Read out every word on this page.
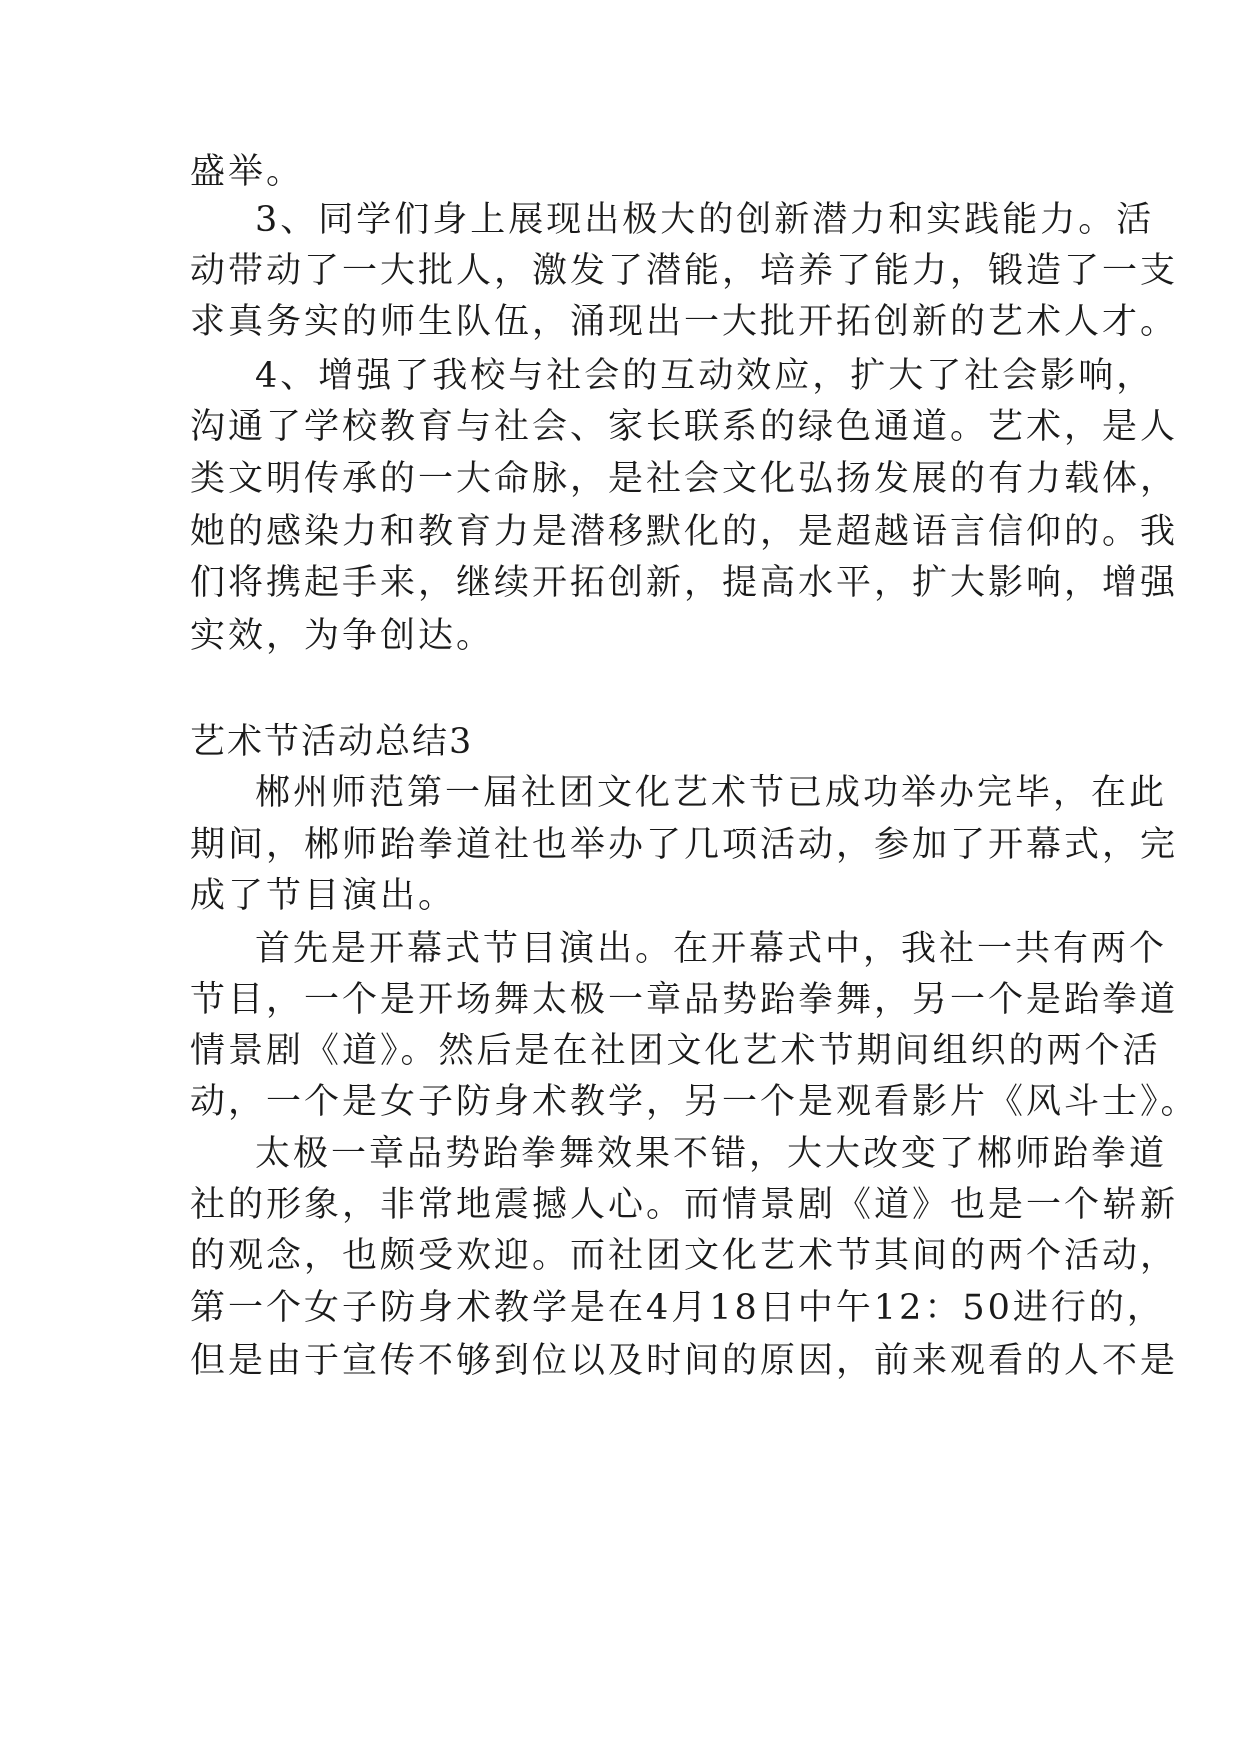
盛举。
3、同学们身上展现出极大的创新潜力和实践能力。活
动带动了一大批人，激发了潜能，培养了能力，锻造了一支
求真务实的师生队伍，涌现出一大批开拓创新的艺术人才。
4、增强了我校与社会的互动效应，扩大了社会影响，
沟通了学校教育与社会、家长联系的绿色通道。艺术，是人
类文明传承的一大命脉，是社会文化弘扬发展的有力载体，
她的感染力和教育力是潜移默化的，是超越语言信仰的。我
们将携起手来，继续开拓创新，提高水平，扩大影响，增强
实效，为争创达。
艺术节活动总结3
郴州师范第一届社团文化艺术节已成功举办完毕，在此
期间，郴师跆拳道社也举办了几项活动，参加了开幕式，完
成了节目演出。
首先是开幕式节目演出。在开幕式中，我社一共有两个
节目，一个是开场舞太极一章品势跆拳舞，另一个是跆拳道
情景剧《道》。然后是在社团文化艺术节期间组织的两个活
动，一个是女子防身术教学，另一个是观看影片《风斗士》。
太极一章品势跆拳舞效果不错，大大改变了郴师跆拳道
社的形象，非常地震撼人心。而情景剧《道》也是一个崭新
的观念，也颇受欢迎。而社团文化艺术节其间的两个活动，
第一个女子防身术教学是在4月18日中午12：50进行的，
但是由于宣传不够到位以及时间的原因，前来观看的人不是
